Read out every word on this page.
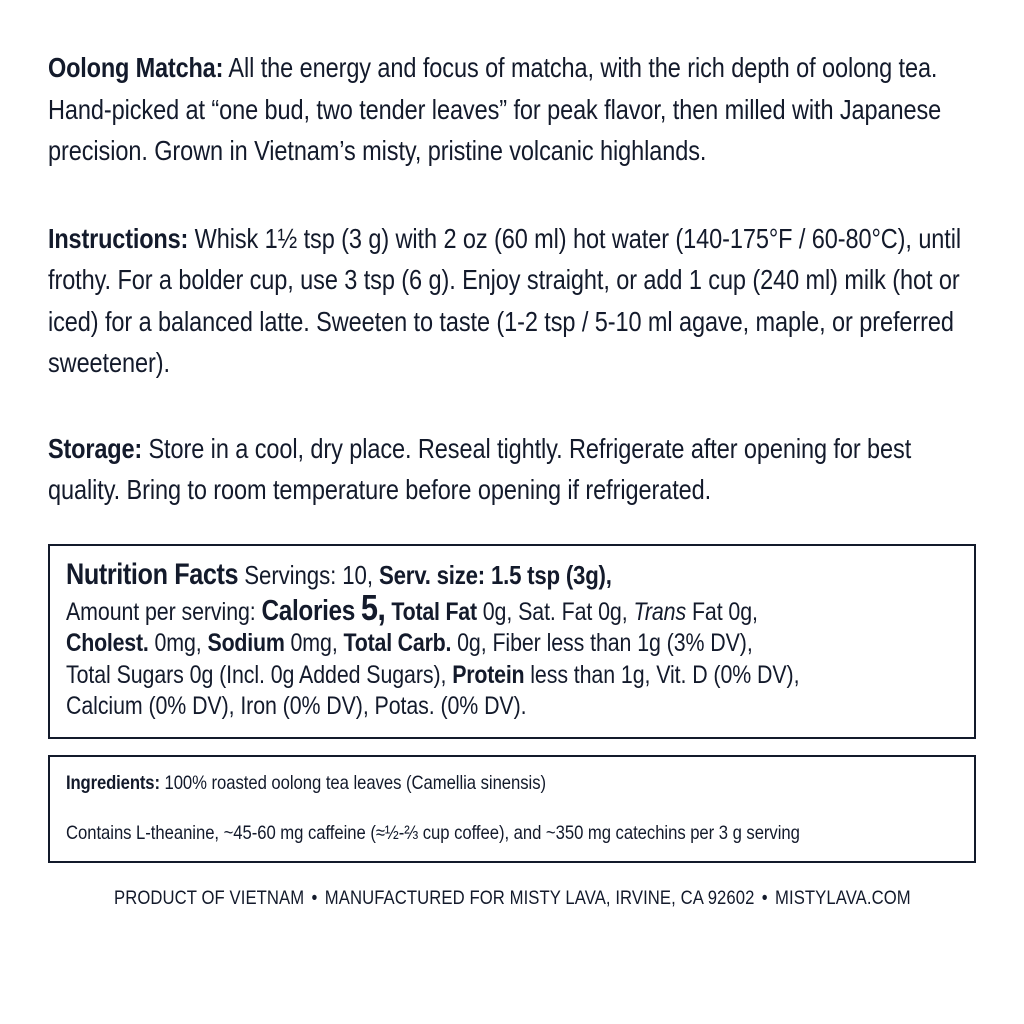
Oolong Matcha: All the energy and focus of matcha, with the rich depth of oolong tea. Hand-picked at “one bud, two tender leaves” for peak flavor, then milled with Japanese precision. Grown in Vietnam’s misty, pristine volcanic highlands.
Instructions: Whisk 1½ tsp (3 g) with 2 oz (60 ml) hot water (140-175°F / 60-80°C), until frothy. For a bolder cup, use 3 tsp (6 g). Enjoy straight, or add 1 cup (240 ml) milk (hot or iced) for a balanced latte. Sweeten to taste (1-2 tsp / 5-10 ml agave, maple, or preferred sweetener).
Storage: Store in a cool, dry place. Reseal tightly. Refrigerate after opening for best quality. Bring to room temperature before opening if refrigerated.
Nutrition Facts Servings: 10, Serv. size: 1.5 tsp (3g),
Amount per serving: Calories 5, Total Fat 0g, Sat. Fat 0g, Trans Fat 0g,
Cholest. 0mg, Sodium 0mg, Total Carb. 0g, Fiber less than 1g (3% DV),
Total Sugars 0g (Incl. 0g Added Sugars), Protein less than 1g, Vit. D (0% DV),
Calcium (0% DV), Iron (0% DV), Potas. (0% DV).
Ingredients: 100% roasted oolong tea leaves (Camellia sinensis)
Contains L-theanine, ~45-60 mg caffeine (≈½-⅔ cup coffee), and ~350 mg catechins per 3 g serving
PRODUCT OF VIETNAM • MANUFACTURED FOR MISTY LAVA, IRVINE, CA 92602 • MISTYLAVA.COM
